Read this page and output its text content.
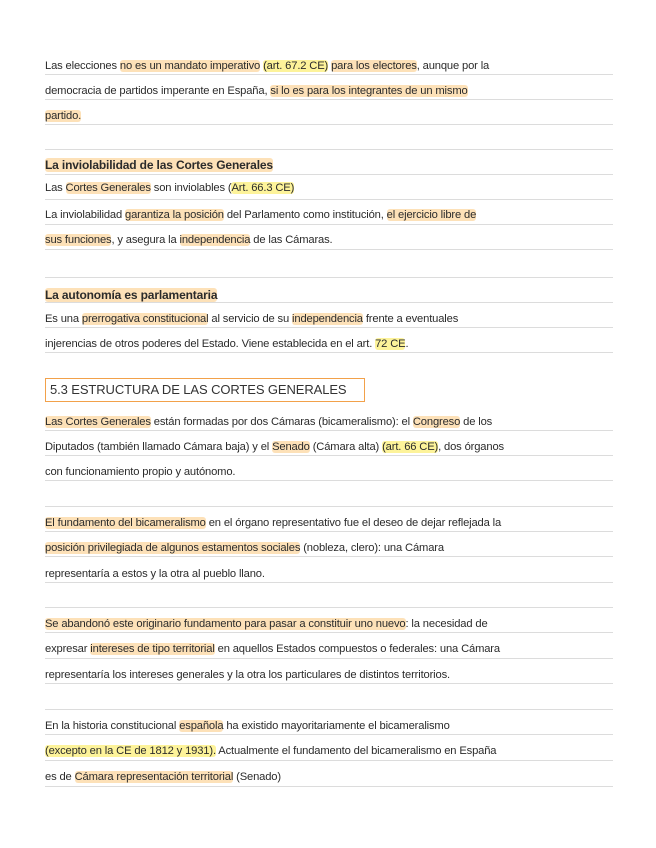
Las elecciones no es un mandato imperativo (art. 67.2 CE) para los electores, aunque por la
democracia de partidos imperante en España, si lo es para los integrantes de un mismo
partido.
La inviolabilidad de las Cortes Generales
Las Cortes Generales son inviolables (Art. 66.3 CE)
La inviolabilidad garantiza la posición del Parlamento como institución, el ejercicio libre de
sus funciones, y asegura la independencia de las Cámaras.
La autonomía es parlamentaria
Es una prerrogativa constitucional al servicio de su independencia frente a eventuales
injerencias de otros poderes del Estado. Viene establecida en el art. 72 CE.
5.3 ESTRUCTURA DE LAS CORTES GENERALES
Las Cortes Generales están formadas por dos Cámaras (bicameralismo): el Congreso de los
Diputados (también llamado Cámara baja) y el Senado (Cámara alta) (art. 66 CE), dos órganos
con funcionamiento propio y autónomo.
El fundamento del bicameralismo en el órgano representativo fue el deseo de dejar reflejada la
posición privilegiada de algunos estamentos sociales (nobleza, clero): una Cámara
representaría a estos y la otra al pueblo llano.
Se abandonó este originario fundamento para pasar a constituir uno nuevo: la necesidad de
expresar intereses de tipo territorial en aquellos Estados compuestos o federales: una Cámara
representaría los intereses generales y la otra los particulares de distintos territorios.
En la historia constitucional española ha existido mayoritariamente el bicameralismo
(excepto en la CE de 1812 y 1931). Actualmente el fundamento del bicameralismo en España
es de Cámara representación territorial (Senado)
